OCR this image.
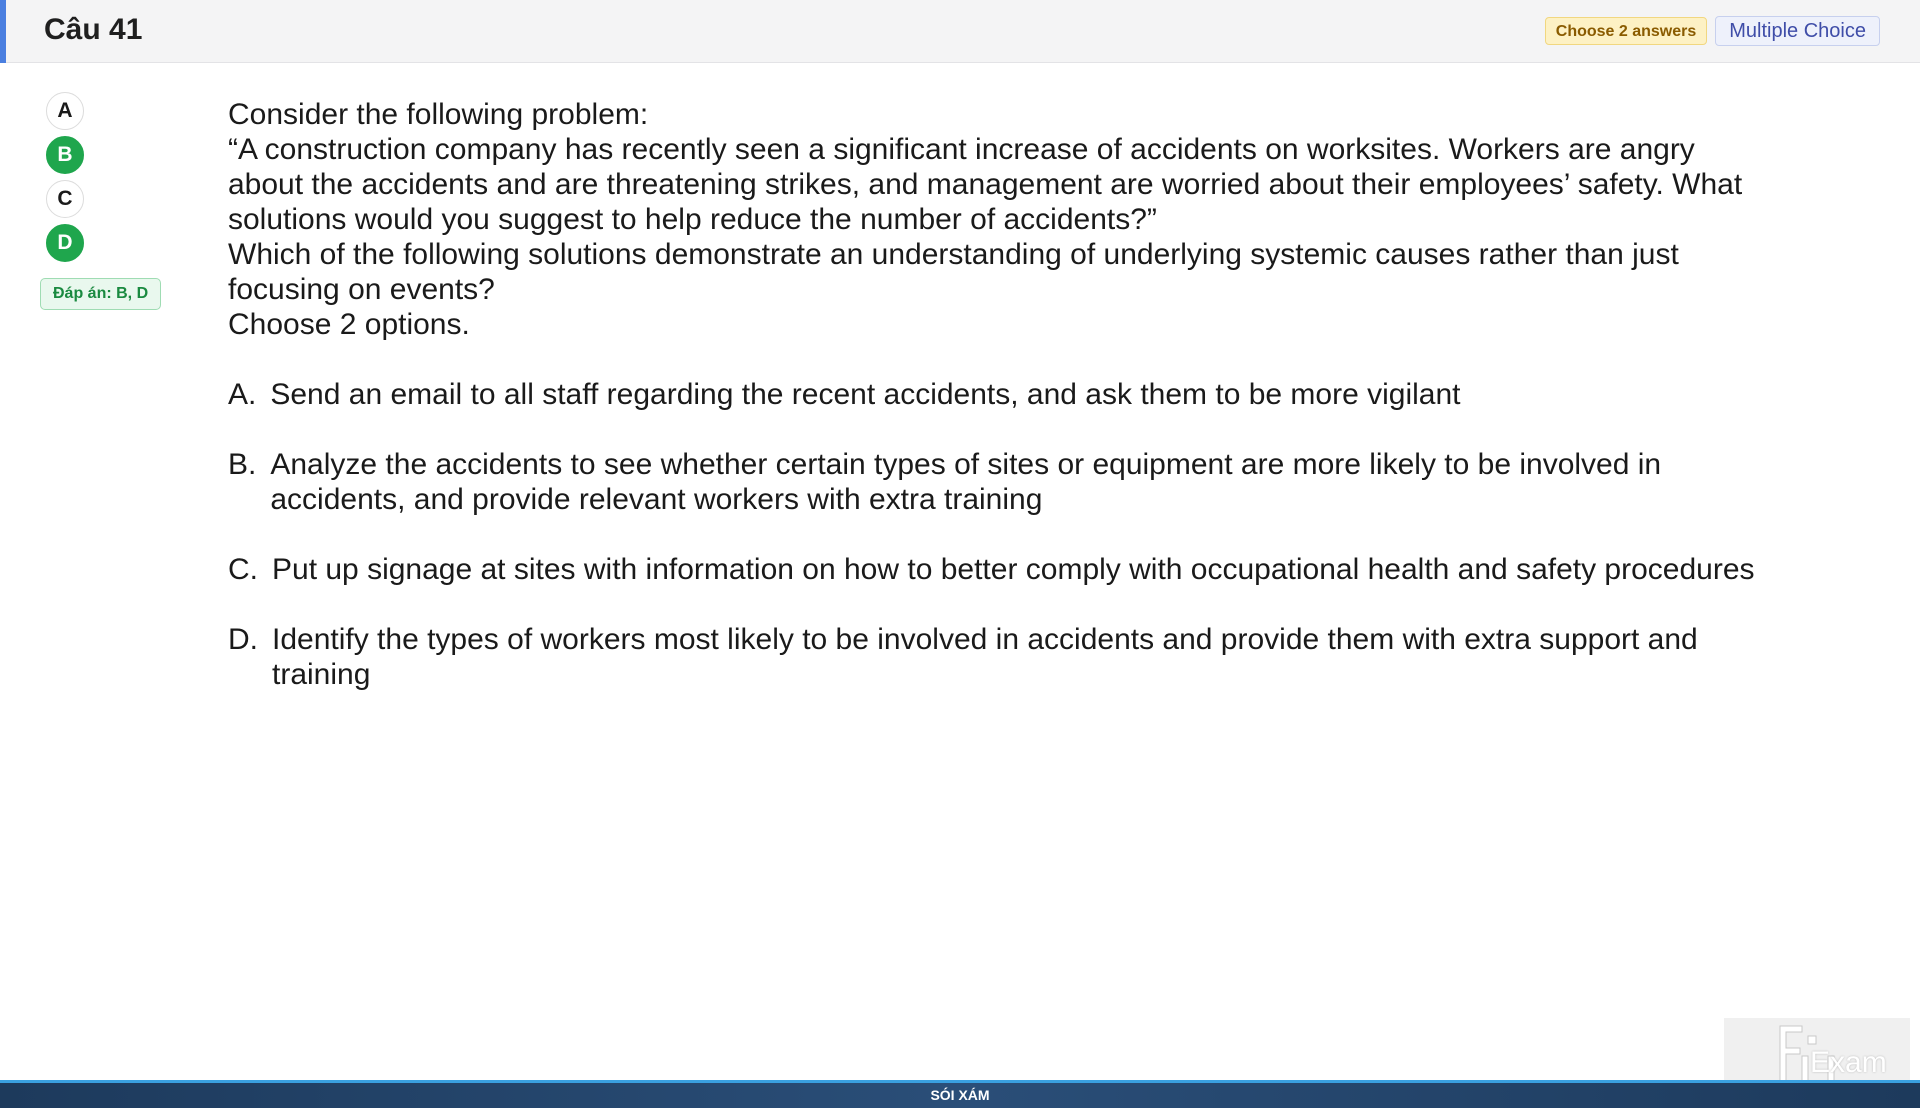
Câu 41	Choose 2 answers	Multiple Choice
A
B
C
D
Đáp án: B, D
Consider the following problem:
“A construction company has recently seen a significant increase of accidents on worksites. Workers are angry about the accidents and are threatening strikes, and management are worried about their employees’ safety. What solutions would you suggest to help reduce the number of accidents?”
Which of the following solutions demonstrate an understanding of underlying systemic causes rather than just focusing on events?
Choose 2 options.
A. Send an email to all staff regarding the recent accidents, and ask them to be more vigilant
B. Analyze the accidents to see whether certain types of sites or equipment are more likely to be involved in accidents, and provide relevant workers with extra training
C. Put up signage at sites with information on how to better comply with occupational health and safety procedures
D. Identify the types of workers most likely to be involved in accidents and provide them with extra support and training
Exam
SÓI XÁM
